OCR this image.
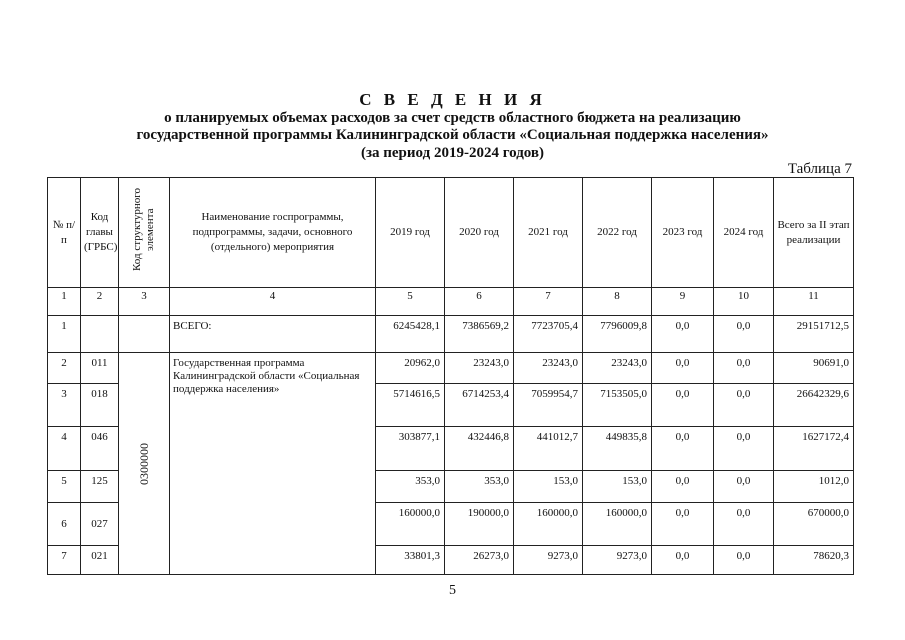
С В Е Д Е Н И Я
о планируемых объемах расходов за счет средств областного бюджета на реализацию
государственной программы Калининградской области «Социальная поддержка населения»
(за период 2019-2024 годов)
Таблица 7
№ п/п	Код главы (ГРБС)	Код структурного элемента	Наименование госпрограммы, подпрограммы, задачи, основного (отдельного) мероприятия	2019 год	2020 год	2021 год	2022 год	2023 год	2024 год	Всего за II этап реализации
1	2	3	4	5	6	7	8	9	10	11
1			ВСЕГО:	6245428,1	7386569,2	7723705,4	7796009,8	0,0	0,0	29151712,5
2	011	0300000	Государственная программа Калининградской области «Социальная поддержка населения»	20962,0	23243,0	23243,0	23243,0	0,0	0,0	90691,0
3	018			5714616,5	6714253,4	7059954,7	7153505,0	0,0	0,0	26642329,6
4	046			303877,1	432446,8	441012,7	449835,8	0,0	0,0	1627172,4
5	125			353,0	353,0	153,0	153,0	0,0	0,0	1012,0
6	027			160000,0	190000,0	160000,0	160000,0	0,0	0,0	670000,0
7	021			33801,3	26273,0	9273,0	9273,0	0,0	0,0	78620,3
5
